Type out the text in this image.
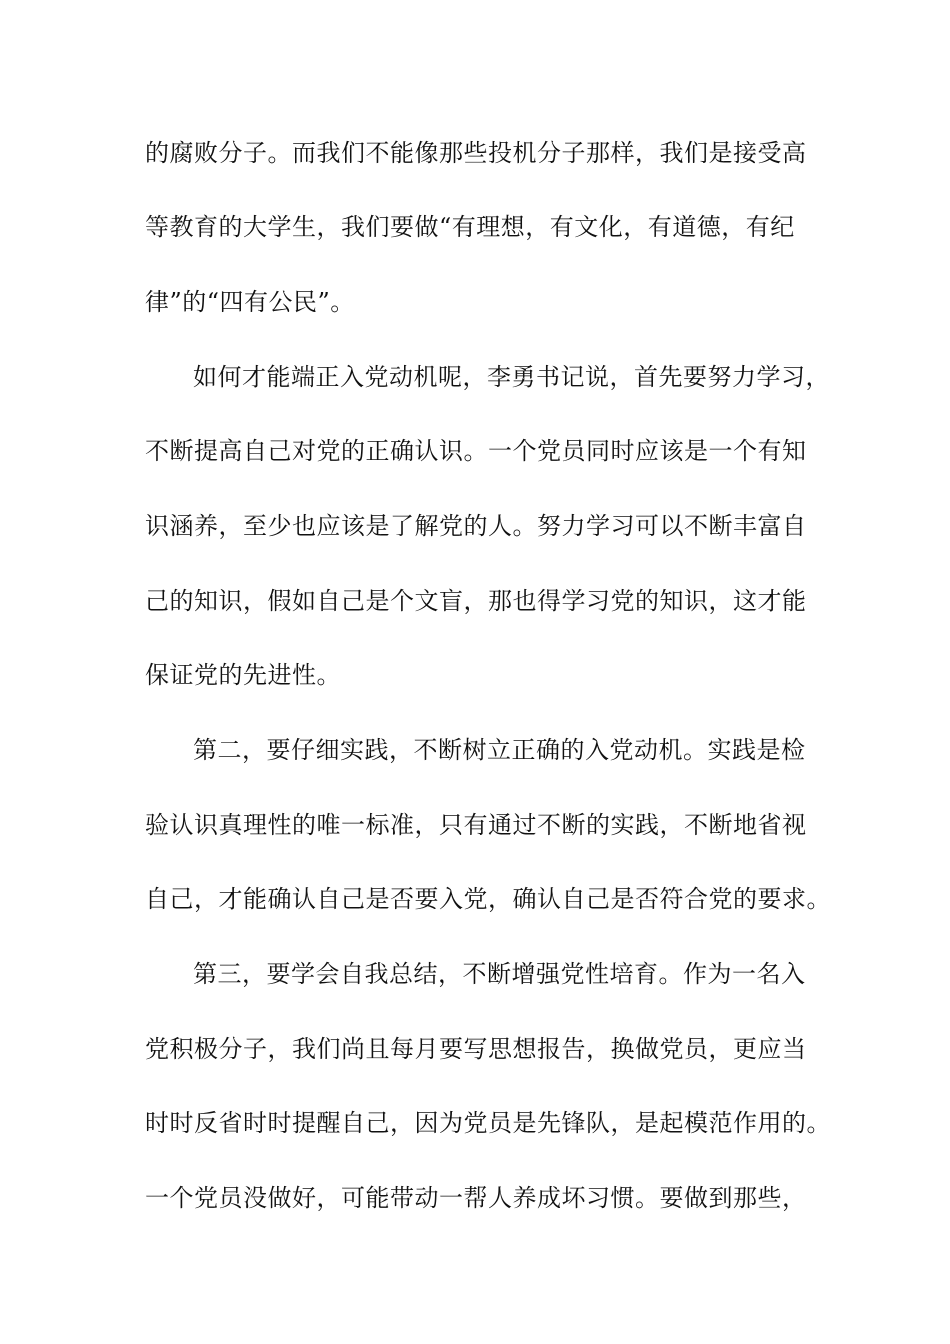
的腐败分子。而我们不能像那些投机分子那样，我们是接受高
等教育的大学生，我们要做“有理想，有文化，有道德，有纪
律”的“四有公民”。
如何才能端正入党动机呢，李勇书记说，首先要努力学习，
不断提高自己对党的正确认识。一个党员同时应该是一个有知
识涵养，至少也应该是了解党的人。努力学习可以不断丰富自
己的知识，假如自己是个文盲，那也得学习党的知识，这才能
保证党的先进性。
第二，要仔细实践，不断树立正确的入党动机。实践是检
验认识真理性的唯一标准，只有通过不断的实践，不断地省视
自己，才能确认自己是否要入党，确认自己是否符合党的要求。
第三，要学会自我总结，不断增强党性培育。作为一名入
党积极分子，我们尚且每月要写思想报告，换做党员，更应当
时时反省时时提醒自己，因为党员是先锋队，是起模范作用的。
一个党员没做好，可能带动一帮人养成坏习惯。要做到那些，
